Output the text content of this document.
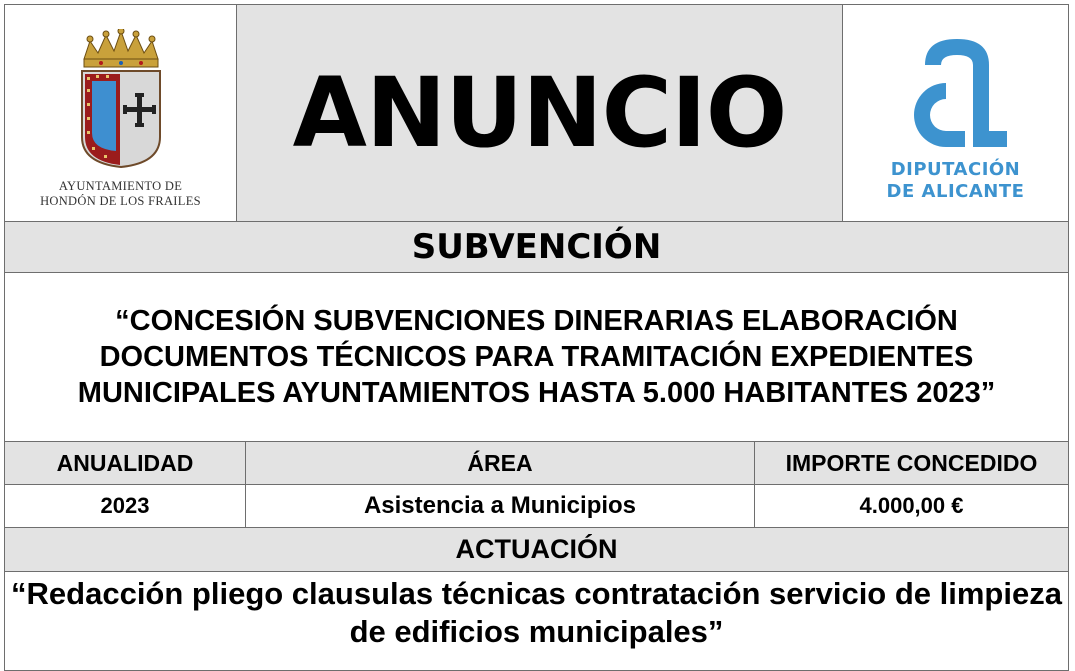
AYUNTAMIENTO DE
HONDÓN DE LOS FRAILES
ANUNCIO
DIPUTACIÓN
DE ALICANTE
SUBVENCIÓN
“CONCESIÓN SUBVENCIONES DINERARIAS ELABORACIÓN DOCUMENTOS TÉCNICOS PARA TRAMITACIÓN EXPEDIENTES MUNICIPALES AYUNTAMIENTOS HASTA 5.000 HABITANTES 2023”
ANUALIDAD	ÁREA	IMPORTE CONCEDIDO
2023	Asistencia a Municipios	4.000,00 €
ACTUACIÓN
“Redacción pliego clausulas técnicas contratación servicio de limpieza de edificios municipales”
